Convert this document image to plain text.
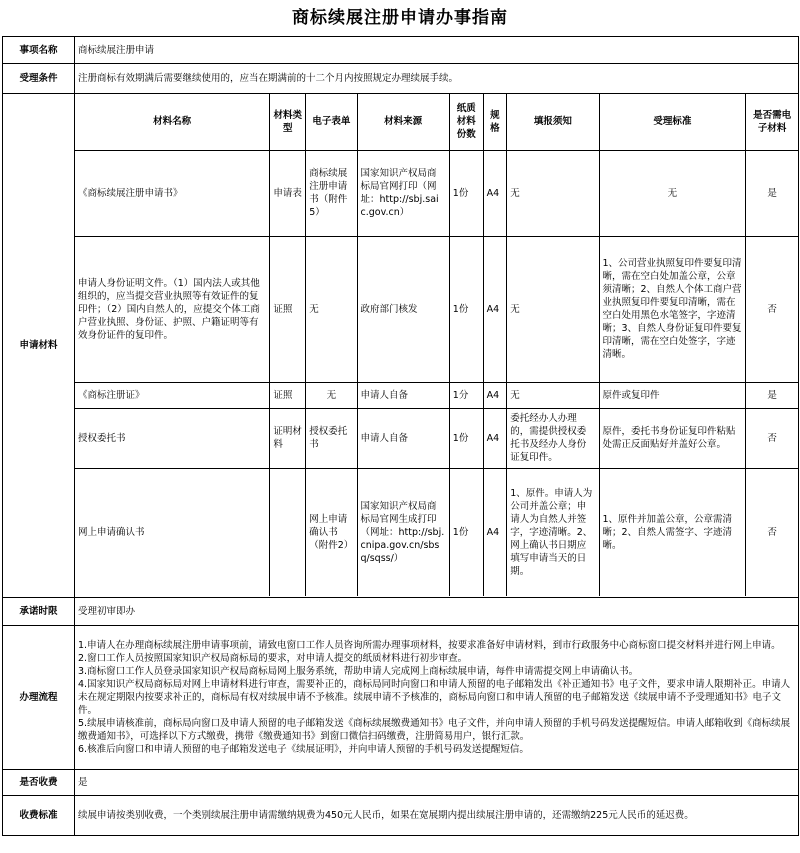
商标续展注册申请办事指南
事项名称	商标续展注册申请
受理条件	注册商标有效期满后需要继续使用的，应当在期满前的十二个月内按照规定办理续展手续。
申请材料	
材料名称	材料类型	电子表单	材料来源	纸质材料份数	规格	填报须知	受理标准	是否需电子材料
《商标续展注册申请书》	申请表	商标续展注册申请书（附件5）	国家知识产权局商标局官网打印（网址：http://sbj.saic.gov.cn）	1份	A4	无	无	是
申请人身份证明文件。（1）国内法人或其他组织的，应当提交营业执照等有效证件的复印件；（2）国内自然人的，应提交个体工商户营业执照、身份证、护照、户籍证明等有效身份证件的复印件。	证照	无	政府部门核发	1份	A4	无	1、公司营业执照复印件要复印清晰，需在空白处加盖公章，公章须清晰；2、自然人个体工商户营业执照复印件要复印清晰，需在空白处用黑色水笔签字，字迹清晰；3、自然人身份证复印件要复印清晰，需在空白处签字，字迹清晰。	否
《商标注册证》	证照	无	申请人自备	1分	A4	无	原件或复印件	是
授权委托书	证明材料	授权委托书	申请人自备	1份	A4	委托经办人办理的，需提供授权委托书及经办人身份证复印件。	原件，委托书身份证复印件粘贴处需正反面贴好并盖好公章。	否
网上申请确认书		网上申请确认书（附件2）	国家知识产权局商标局官网生成打印（网址：http://sbj.cnipa.gov.cn/sbsq/sqss/）	1份	A4	1、原件。申请人为公司并盖公章；申请人为自然人并签字，字迹清晰。2、网上确认书日期应填写申请当天的日期。	1、原件并加盖公章，公章需清晰；2、自然人需签字、字迹清晰。	否

承诺时限	受理初审即办
办理流程	
1.申请人在办理商标续展注册申请事项前，请致电窗口工作人员咨询所需办理事项材料，按要求准备好申请材料，到市行政服务中心商标窗口提交材料并进行网上申请。
2.窗口工作人员按照国家知识产权局商标局的要求，对申请人提交的纸质材料进行初步审查。
3.商标窗口工作人员登录国家知识产权局商标局网上服务系统，帮助申请人完成网上商标续展申请，每件申请需提交网上申请确认书。
4.国家知识产权局商标局对网上申请材料进行审查，需要补正的，商标局同时向窗口和申请人预留的电子邮箱发出《补正通知书》电子文件，要求申请人限期补正。申请人未在规定期限内按要求补正的，商标局有权对续展申请不予核准。续展申请不予核准的，商标局向窗口和申请人预留的电子邮箱发送《续展申请不予受理通知书》电子文件。
5.续展申请核准前，商标局向窗口及申请人预留的电子邮箱发送《商标续展缴费通知书》电子文件，并向申请人预留的手机号码发送提醒短信。申请人邮箱收到《商标续展缴费通知书》，可选择以下方式缴费，携带《缴费通知书》到窗口微信扫码缴费，注册简易用户，银行汇款。
6.核准后向窗口和申请人预留的电子邮箱发送电子《续展证明》，并向申请人预留的手机号码发送提醒短信。

是否收费	是
收费标准	续展申请按类别收费，一个类别续展注册申请需缴纳规费为450元人民币，如果在宽展期内提出续展注册申请的，还需缴纳225元人民币的延迟费。
